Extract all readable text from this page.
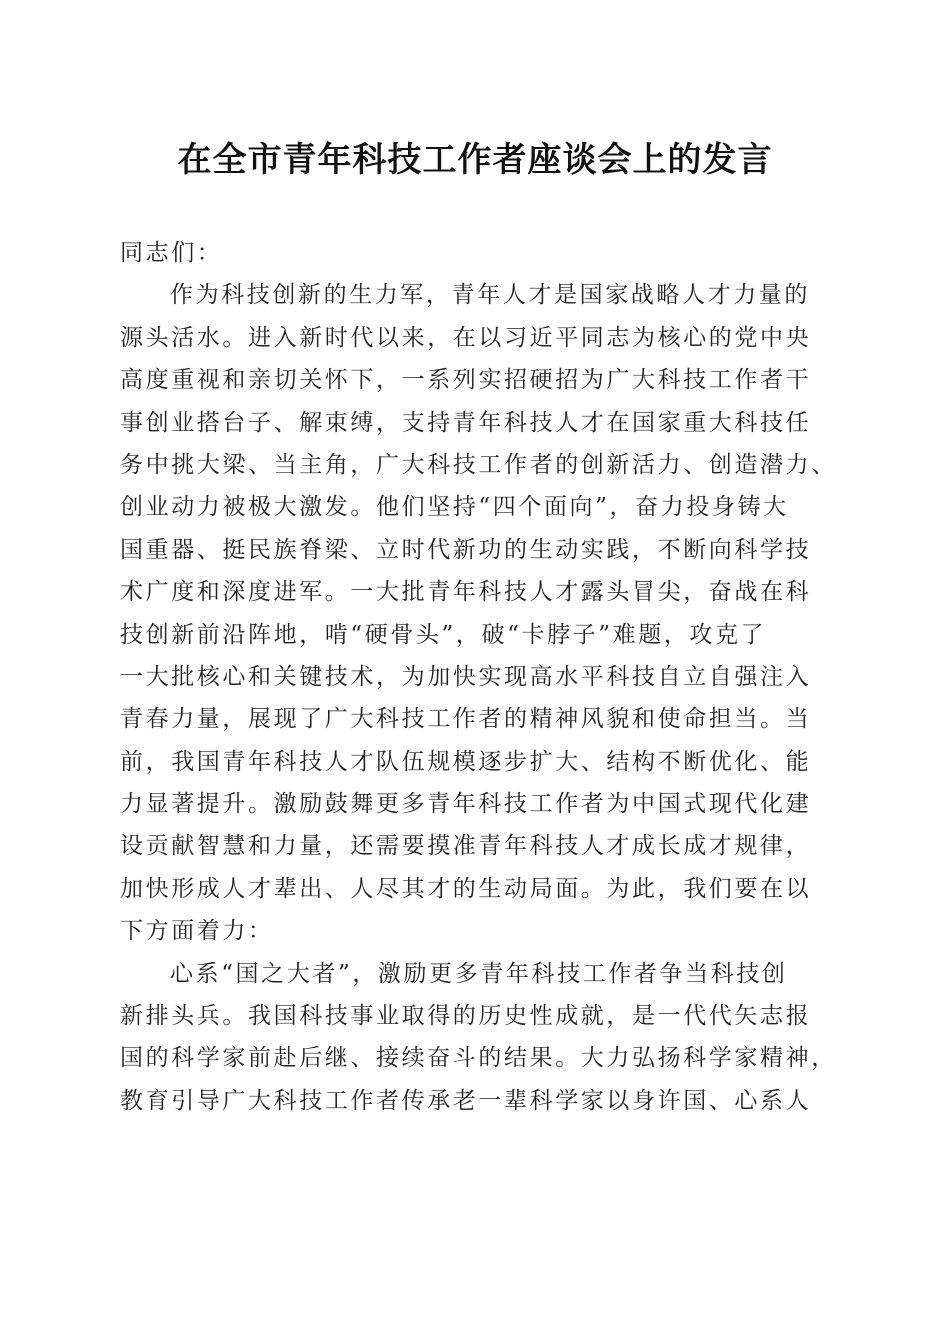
在全市青年科技工作者座谈会上的发言
同志们：
作为科技创新的生力军，青年人才是国家战略人才力量的
源头活水。进入新时代以来，在以习近平同志为核心的党中央
高度重视和亲切关怀下，一系列实招硬招为广大科技工作者干
事创业搭台子、解束缚，支持青年科技人才在国家重大科技任
务中挑大梁、当主角，广大科技工作者的创新活力、创造潜力、
创业动力被极大激发。他们坚持“四个面向”，奋力投身铸大
国重器、挺民族脊梁、立时代新功的生动实践，不断向科学技
术广度和深度进军。一大批青年科技人才露头冒尖，奋战在科
技创新前沿阵地，啃“硬骨头”，破“卡脖子”难题，攻克了
一大批核心和关键技术，为加快实现高水平科技自立自强注入
青春力量，展现了广大科技工作者的精神风貌和使命担当。当
前，我国青年科技人才队伍规模逐步扩大、结构不断优化、能
力显著提升。激励鼓舞更多青年科技工作者为中国式现代化建
设贡献智慧和力量，还需要摸准青年科技人才成长成才规律，
加快形成人才辈出、人尽其才的生动局面。为此，我们要在以
下方面着力：
心系“国之大者”，激励更多青年科技工作者争当科技创
新排头兵。我国科技事业取得的历史性成就，是一代代矢志报
国的科学家前赴后继、接续奋斗的结果。大力弘扬科学家精神，
教育引导广大科技工作者传承老一辈科学家以身许国、心系人
